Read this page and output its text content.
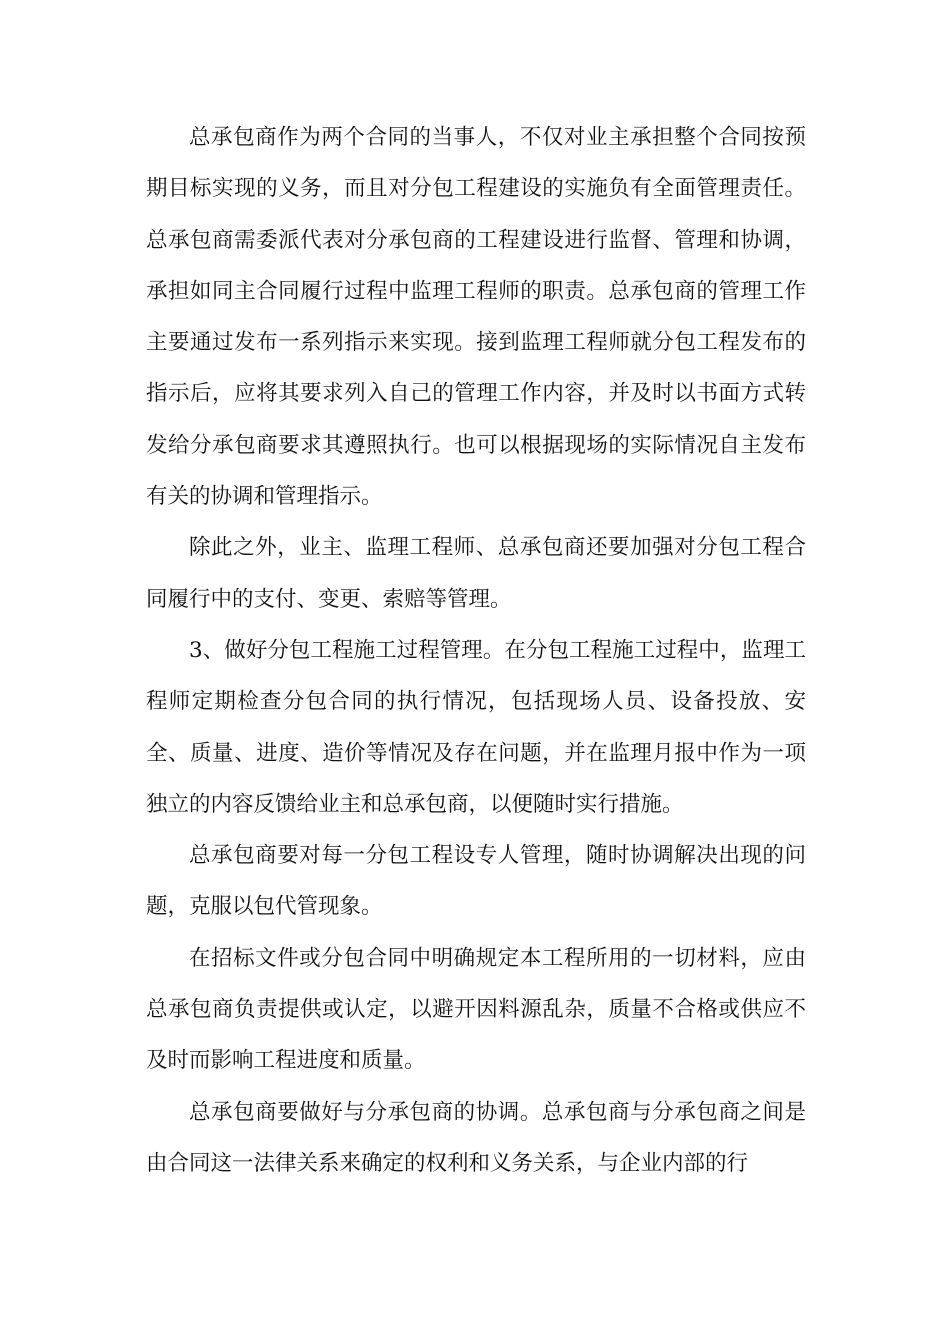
总承包商作为两个合同的当事人，不仅对业主承担整个合同按预期目标实现的义务，而且对分包工程建设的实施负有全面管理责任。总承包商需委派代表对分承包商的工程建设进行监督、管理和协调，承担如同主合同履行过程中监理工程师的职责。总承包商的管理工作主要通过发布一系列指示来实现。接到监理工程师就分包工程发布的指示后，应将其要求列入自己的管理工作内容，并及时以书面方式转发给分承包商要求其遵照执行。也可以根据现场的实际情况自主发布有关的协调和管理指示。

除此之外，业主、监理工程师、总承包商还要加强对分包工程合同履行中的支付、变更、索赔等管理。

3、做好分包工程施工过程管理。在分包工程施工过程中，监理工程师定期检查分包合同的执行情况，包括现场人员、设备投放、安全、质量、进度、造价等情况及存在问题，并在监理月报中作为一项独立的内容反馈给业主和总承包商，以便随时实行措施。

总承包商要对每一分包工程设专人管理，随时协调解决出现的问题，克服以包代管现象。

在招标文件或分包合同中明确规定本工程所用的一切材料，应由总承包商负责提供或认定，以避开因料源乱杂，质量不合格或供应不及时而影响工程进度和质量。

总承包商要做好与分承包商的协调。总承包商与分承包商之间是由合同这一法律关系来确定的权利和义务关系，与企业内部的行
